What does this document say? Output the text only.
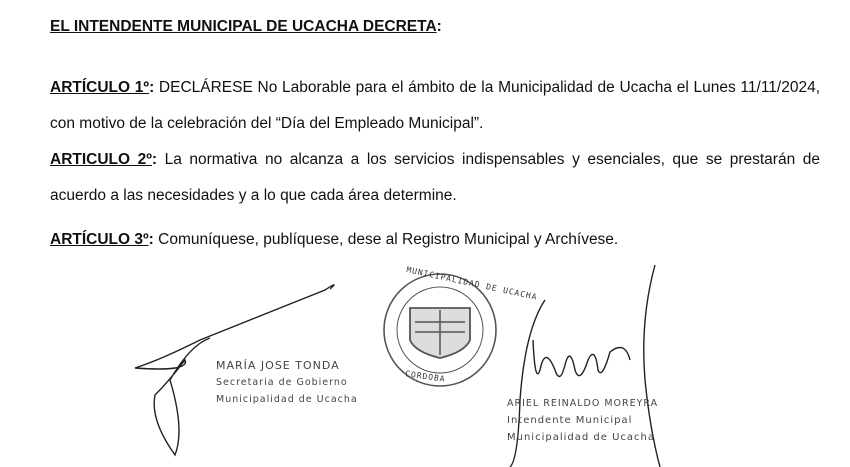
EL INTENDENTE MUNICIPAL DE UCACHA DECRETA:
ARTÍCULO 1º: DECLÁRESE No Laborable para el ámbito de la Municipalidad de Ucacha el Lunes 11/11/2024, con motivo de la celebración del “Día del Empleado Municipal”.
ARTICULO 2º: La normativa no alcanza a los servicios indispensables y esenciales, que se prestarán de acuerdo a las necesidades y a lo que cada área determine.
ARTÍCULO 3º: Comuníquese, publíquese, dese al Registro Municipal y Archívese.
MUNICIPALIDAD DE UCACHA
CORDOBA
MARÍA JOSE TONDA
Secretaria de Gobierno
Municipalidad de Ucacha	ARIEL REINALDO MOREYRA
Intendente Municipal
Municipalidad de Ucacha
